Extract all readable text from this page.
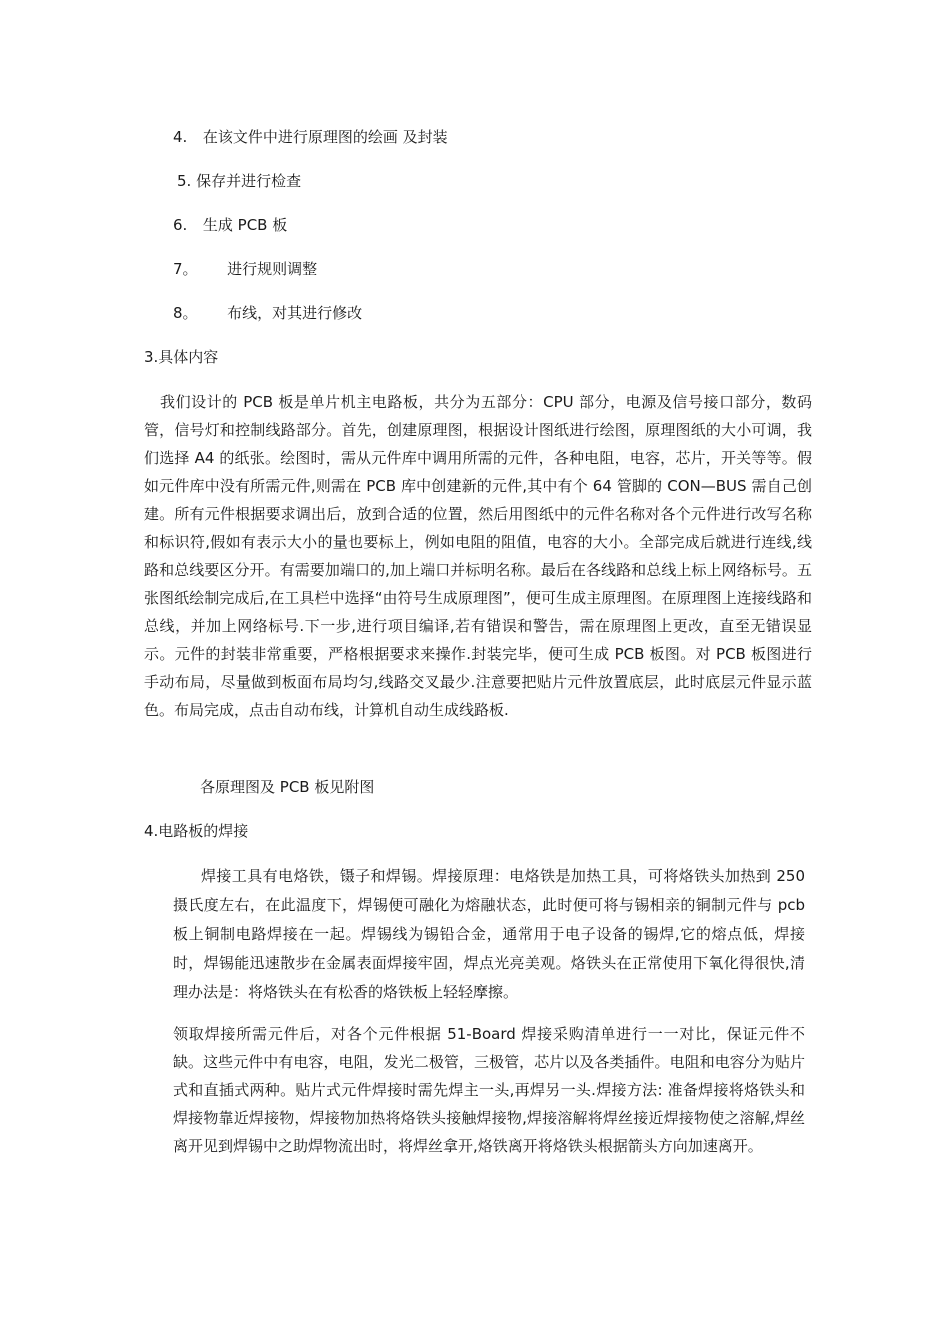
4. 在该文件中进行原理图的绘画 及封装
5. 保存并进行检查
6. 生成 PCB 板
7。 进行规则调整
8。 布线，对其进行修改
3.具体内容
我们设计的 PCB 板是单片机主电路板，共分为五部分：CPU 部分，电源及信号接口部分，数码管，信号灯和控制线路部分。首先，创建原理图，根据设计图纸进行绘图，原理图纸的大小可调，我们选择 A4 的纸张。绘图时，需从元件库中调用所需的元件，各种电阻，电容，芯片，开关等等。假如元件库中没有所需元件,则需在 PCB 库中创建新的元件,其中有个 64 管脚的 CON—BUS 需自己创建。所有元件根据要求调出后，放到合适的位置，然后用图纸中的元件名称对各个元件进行改写名称和标识符,假如有表示大小的量也要标上，例如电阻的阻值，电容的大小。全部完成后就进行连线,线路和总线要区分开。有需要加端口的,加上端口并标明名称。最后在各线路和总线上标上网络标号。五张图纸绘制完成后,在工具栏中选择“由符号生成原理图”，便可生成主原理图。在原理图上连接线路和总线，并加上网络标号.下一步,进行项目编译,若有错误和警告，需在原理图上更改，直至无错误显示。元件的封装非常重要，严格根据要求来操作.封装完毕，便可生成 PCB 板图。对 PCB 板图进行手动布局，尽量做到板面布局均匀,线路交叉最少.注意要把贴片元件放置底层，此时底层元件显示蓝色。布局完成，点击自动布线，计算机自动生成线路板.
各原理图及 PCB 板见附图
4.电路板的焊接
焊接工具有电烙铁，镊子和焊锡。焊接原理：电烙铁是加热工具，可将烙铁头加热到 250 摄氏度左右，在此温度下，焊锡便可融化为熔融状态，此时便可将与锡相亲的铜制元件与 pcb 板上铜制电路焊接在一起。焊锡线为锡铅合金，通常用于电子设备的锡焊,它的熔点低，焊接时，焊锡能迅速散步在金属表面焊接牢固，焊点光亮美观。烙铁头在正常使用下氧化得很快,清理办法是：将烙铁头在有松香的烙铁板上轻轻摩擦。
领取焊接所需元件后，对各个元件根据 51-Board 焊接采购清单进行一一对比，保证元件不缺。这些元件中有电容，电阻，发光二极管，三极管，芯片以及各类插件。电阻和电容分为贴片式和直插式两种。贴片式元件焊接时需先焊主一头,再焊另一头.焊接方法: 准备焊接将烙铁头和焊接物靠近焊接物，焊接物加热将烙铁头接触焊接物,焊接溶解将焊丝接近焊接物使之溶解,焊丝离开见到焊锡中之助焊物流出时，将焊丝拿开,烙铁离开将烙铁头根据箭头方向加速离开。
